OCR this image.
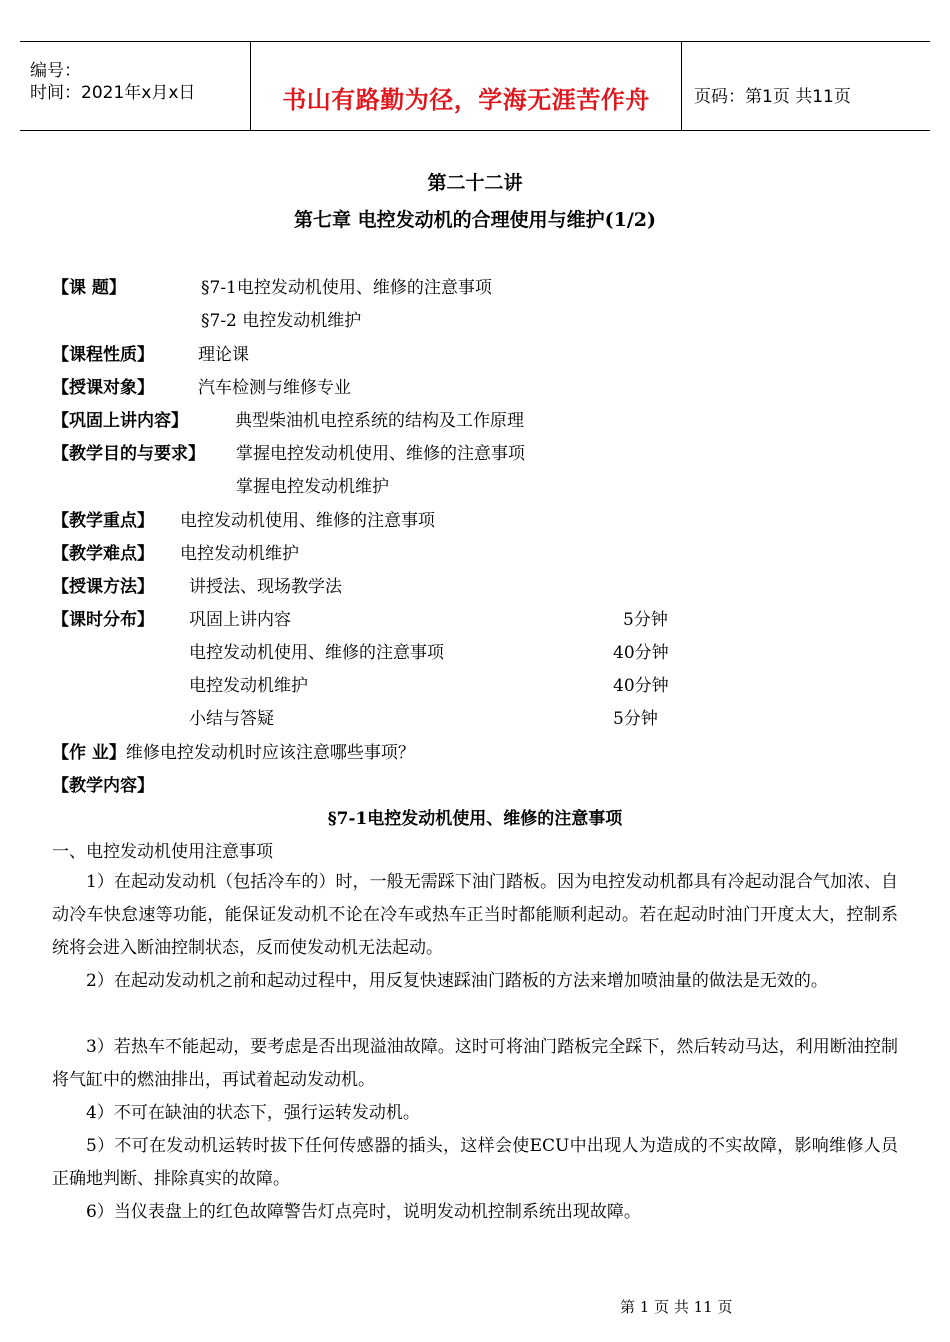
编号：
时间：2021年x月x日	书山有路勤为径，学海无涯苦作舟	页码：第1页 共11页
第二十二讲
第七章 电控发动机的合理使用与维护(1/2)
【课 题】	§7-1电控发动机使用、维修的注意事项
§7-2 电控发动机维护
【课程性质】	理论课
【授课对象】	汽车检测与维修专业
【巩固上讲内容】	典型柴油机电控系统的结构及工作原理
【教学目的与要求】 掌握电控发动机使用、维修的注意事项
掌握电控发动机维护
【教学重点】 电控发动机使用、维修的注意事项
【教学难点】 电控发动机维护
【授课方法】 讲授法、现场教学法
【课时分布】 巩固上讲内容	5分钟
电控发动机使用、维修的注意事项	40分钟
电控发动机维护	40分钟
小结与答疑	5分钟
【作 业】维修电控发动机时应该注意哪些事项？
【教学内容】
§7-1电控发动机使用、维修的注意事项
一、电控发动机使用注意事项
1）在起动发动机（包括冷车的）时，一般无需踩下油门踏板。因为电控发动机都具有冷起动混合气加浓、自动冷车快怠速等功能，能保证发动机不论在冷车或热车正当时都能顺利起动。若在起动时油门开度太大，控制系统将会进入断油控制状态，反而使发动机无法起动。
2）在起动发动机之前和起动过程中，用反复快速踩油门踏板的方法来增加喷油量的做法是无效的。
3）若热车不能起动，要考虑是否出现溢油故障。这时可将油门踏板完全踩下，然后转动马达，利用断油控制将气缸中的燃油排出，再试着起动发动机。
4）不可在缺油的状态下，强行运转发动机。
5）不可在发动机运转时拔下任何传感器的插头，这样会使ECU中出现人为造成的不实故障，影响维修人员正确地判断、排除真实的故障。
6）当仪表盘上的红色故障警告灯点亮时，说明发动机控制系统出现故障。
第 1 页 共 11 页
